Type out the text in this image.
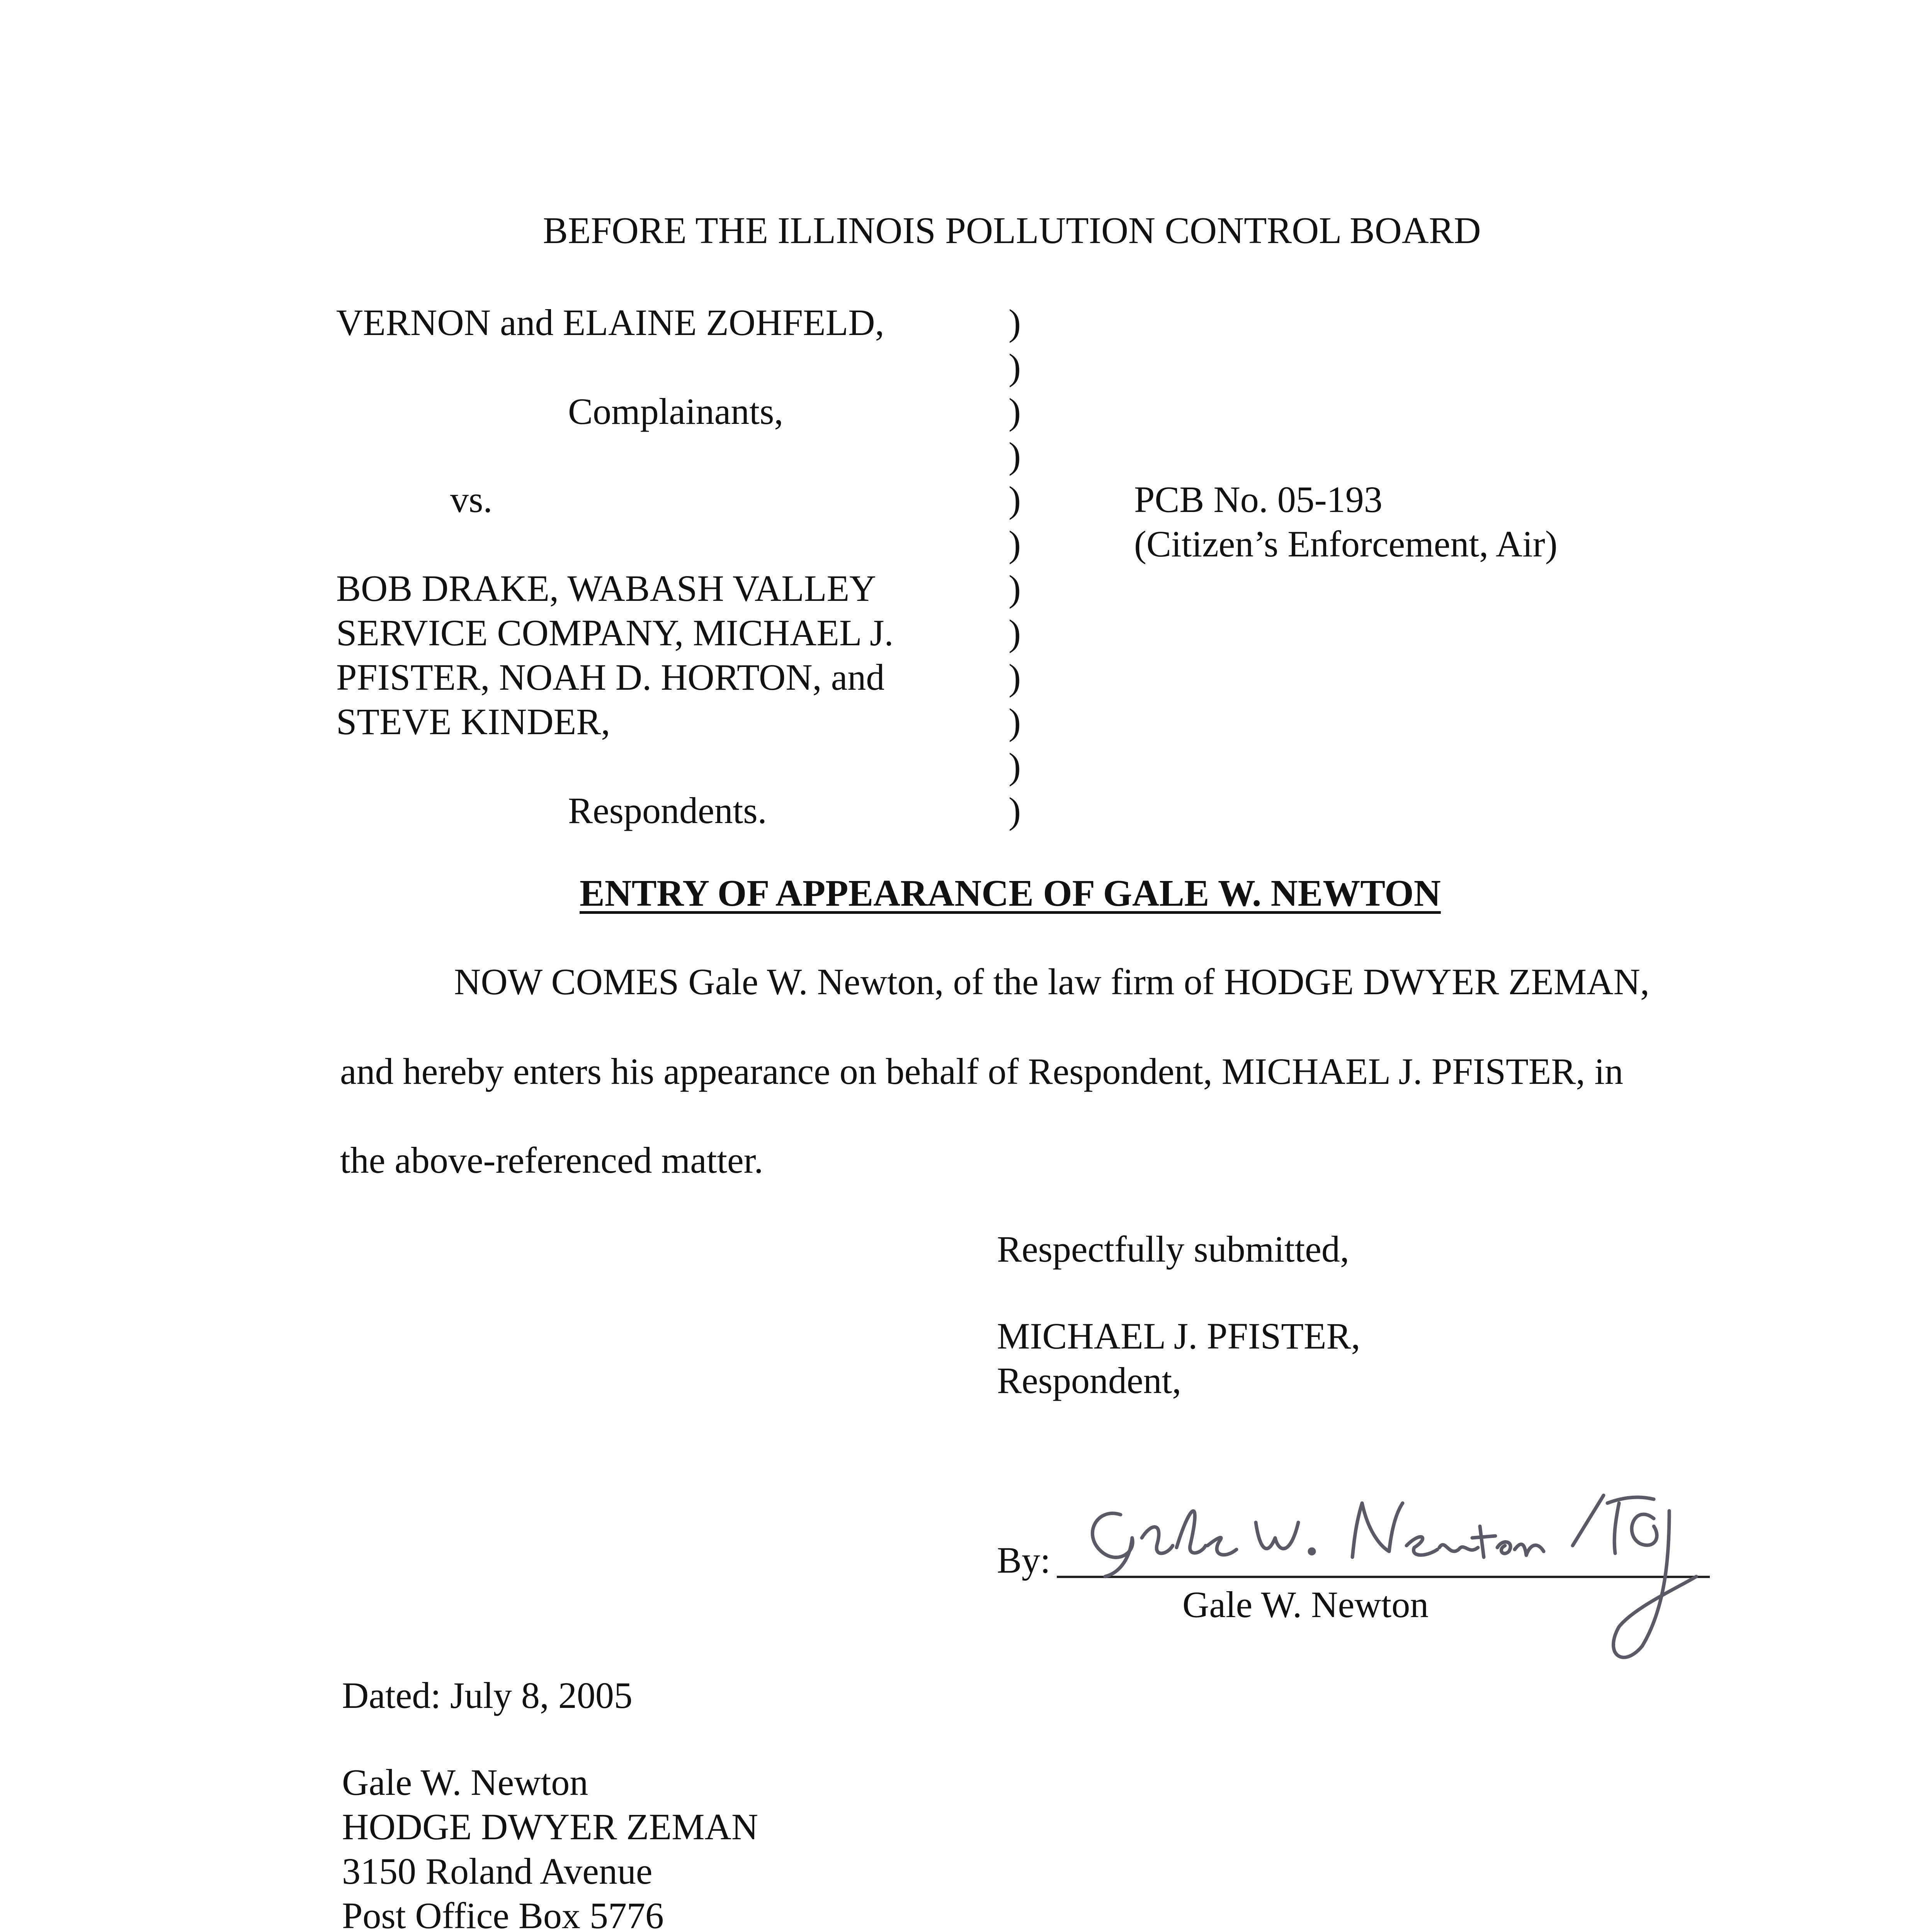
BEFORE THE ILLINOIS POLLUTION CONTROL BOARD
VERNON and ELAINE ZOHFELD,
Complainants,
vs.
BOB DRAKE, WABASH VALLEY
SERVICE COMPANY, MICHAEL J.
PFISTER, NOAH D. HORTON, and
STEVE KINDER,
Respondents.
)
)
)
)
)
)
)
)
)
)
)
)
PCB No. 05-193
(Citizen’s Enforcement, Air)
ENTRY OF APPEARANCE OF GALE W. NEWTON
NOW COMES Gale W. Newton, of the law firm of HODGE DWYER ZEMAN,
and hereby enters his appearance on behalf of Respondent, MICHAEL J. PFISTER, in
the above-referenced matter.
Respectfully submitted,
MICHAEL J. PFISTER,
Respondent,
By:
Gale W. Newton
Dated: July 8, 2005
Gale W. Newton
HODGE DWYER ZEMAN
3150 Roland Avenue
Post Office Box 5776
